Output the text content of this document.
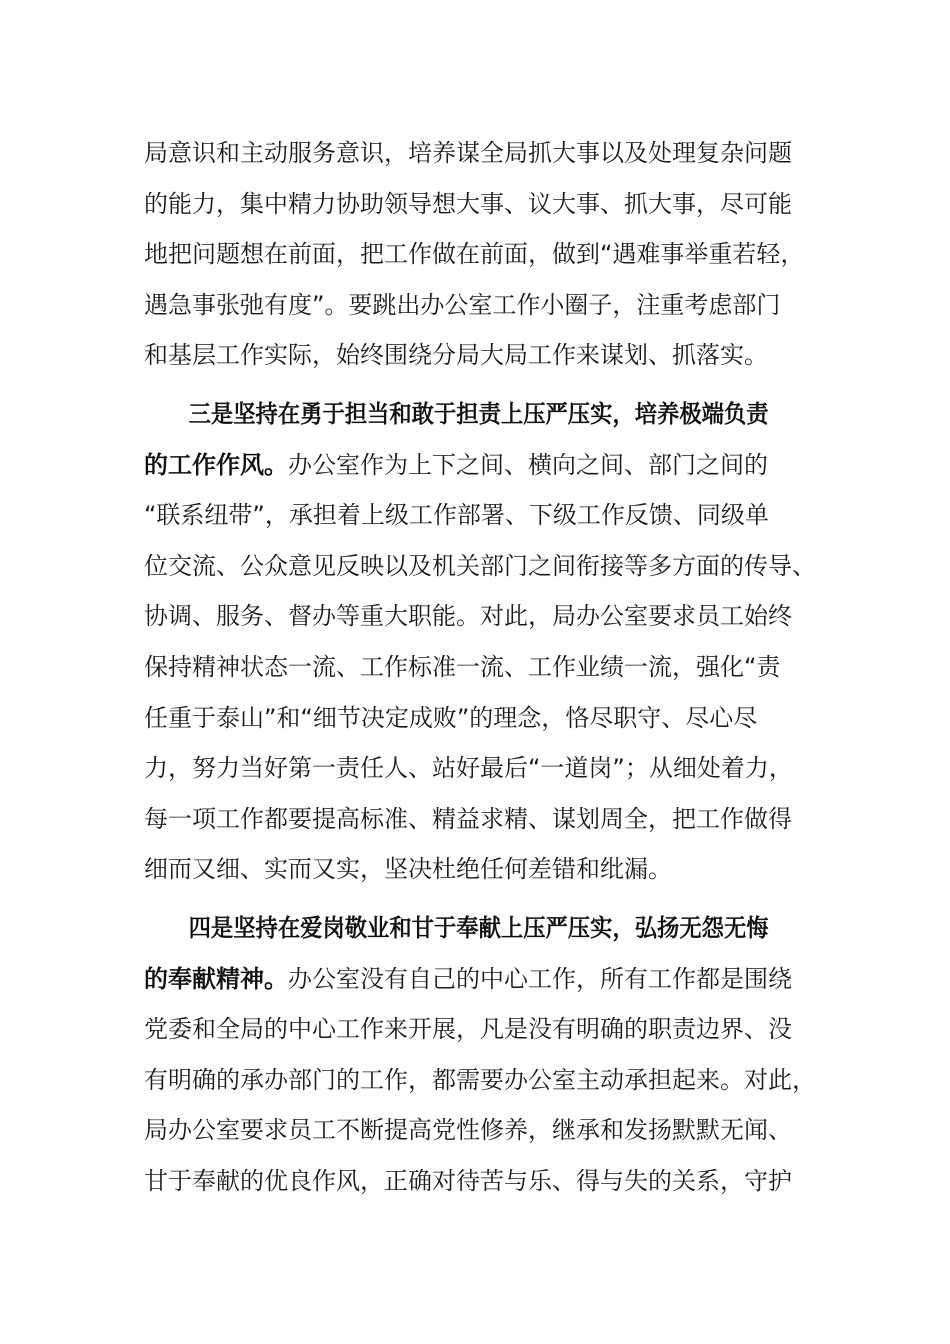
局意识和主动服务意识，培养谋全局抓大事以及处理复杂问题
的能力，集中精力协助领导想大事、议大事、抓大事，尽可能
地把问题想在前面，把工作做在前面，做到“遇难事举重若轻，
遇急事张弛有度”。要跳出办公室工作小圈子，注重考虑部门
和基层工作实际，始终围绕分局大局工作来谋划、抓落实。
三是坚持在勇于担当和敢于担责上压严压实，培养极端负责
的工作作风。办公室作为上下之间、横向之间、部门之间的
“联系纽带”，承担着上级工作部署、下级工作反馈、同级单
位交流、公众意见反映以及机关部门之间衔接等多方面的传导、
协调、服务、督办等重大职能。对此，局办公室要求员工始终
保持精神状态一流、工作标准一流、工作业绩一流，强化“责
任重于泰山”和“细节决定成败”的理念，恪尽职守、尽心尽
力，努力当好第一责任人、站好最后“一道岗”；从细处着力，
每一项工作都要提高标准、精益求精、谋划周全，把工作做得
细而又细、实而又实，坚决杜绝任何差错和纰漏。
四是坚持在爱岗敬业和甘于奉献上压严压实，弘扬无怨无悔
的奉献精神。办公室没有自己的中心工作，所有工作都是围绕
党委和全局的中心工作来开展，凡是没有明确的职责边界、没
有明确的承办部门的工作，都需要办公室主动承担起来。对此，
局办公室要求员工不断提高党性修养，继承和发扬默默无闻、
甘于奉献的优良作风，正确对待苦与乐、得与失的关系，守护
